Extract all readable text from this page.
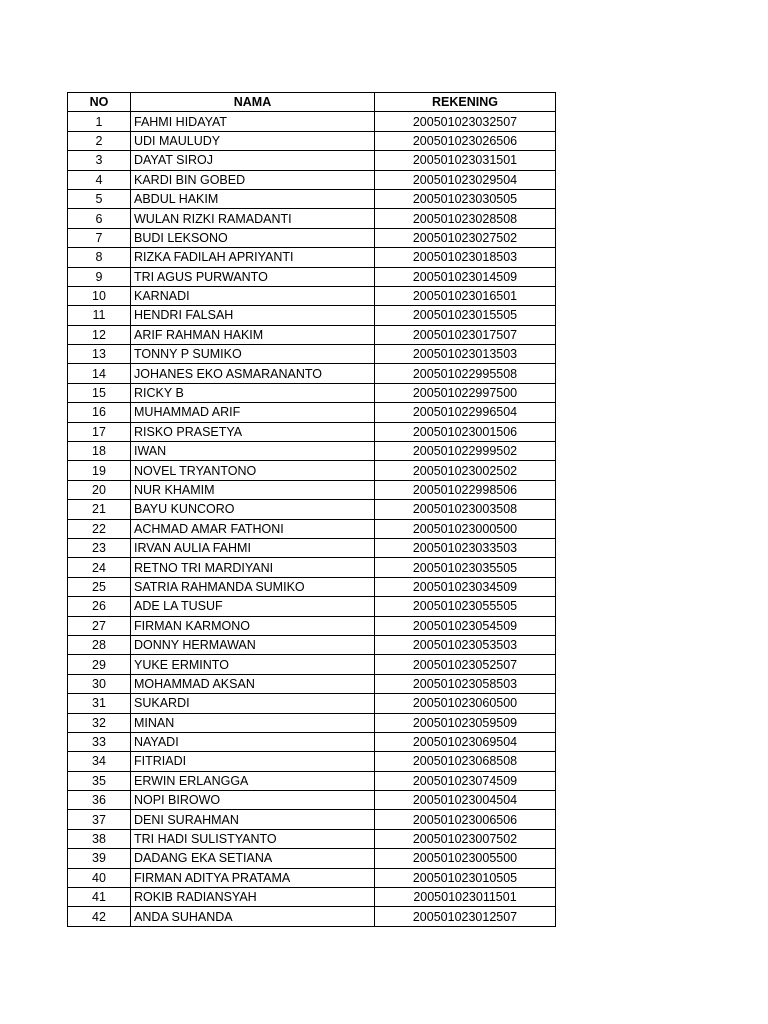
NO	NAMA	REKENING
1	FAHMI HIDAYAT	200501023032507
2	UDI MAULUDY	200501023026506
3	DAYAT SIROJ	200501023031501
4	KARDI BIN GOBED	200501023029504
5	ABDUL HAKIM	200501023030505
6	WULAN RIZKI RAMADANTI	200501023028508
7	BUDI LEKSONO	200501023027502
8	RIZKA FADILAH APRIYANTI	200501023018503
9	TRI AGUS PURWANTO	200501023014509
10	KARNADI	200501023016501
11	HENDRI FALSAH	200501023015505
12	ARIF RAHMAN HAKIM	200501023017507
13	TONNY P SUMIKO	200501023013503
14	JOHANES EKO ASMARANANTO	200501022995508
15	RICKY B	200501022997500
16	MUHAMMAD ARIF	200501022996504
17	RISKO PRASETYA	200501023001506
18	IWAN	200501022999502
19	NOVEL TRYANTONO	200501023002502
20	NUR KHAMIM	200501022998506
21	BAYU KUNCORO	200501023003508
22	ACHMAD AMAR FATHONI	200501023000500
23	IRVAN AULIA FAHMI	200501023033503
24	RETNO TRI MARDIYANI	200501023035505
25	SATRIA RAHMANDA SUMIKO	200501023034509
26	ADE LA TUSUF	200501023055505
27	FIRMAN KARMONO	200501023054509
28	DONNY HERMAWAN	200501023053503
29	YUKE ERMINTO	200501023052507
30	MOHAMMAD AKSAN	200501023058503
31	SUKARDI	200501023060500
32	MINAN	200501023059509
33	NAYADI	200501023069504
34	FITRIADI	200501023068508
35	ERWIN ERLANGGA	200501023074509
36	NOPI BIROWO	200501023004504
37	DENI SURAHMAN	200501023006506
38	TRI HADI SULISTYANTO	200501023007502
39	DADANG EKA SETIANA	200501023005500
40	FIRMAN ADITYA PRATAMA	200501023010505
41	ROKIB RADIANSYAH	200501023011501
42	ANDA SUHANDA	200501023012507
